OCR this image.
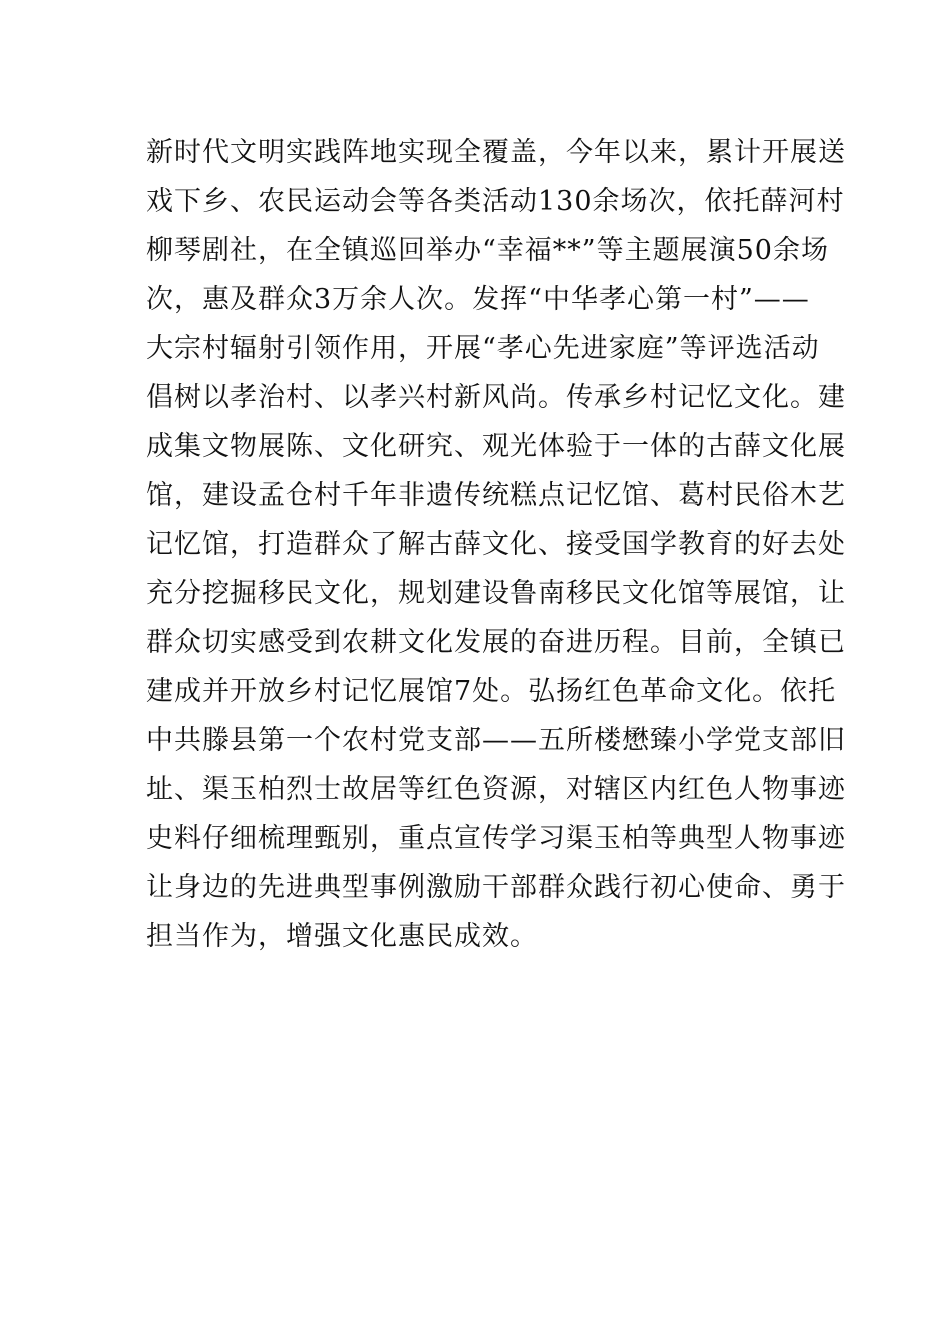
新时代文明实践阵地实现全覆盖，今年以来，累计开展送
戏下乡、农民运动会等各类活动130余场次，依托薛河村
柳琴剧社，在全镇巡回举办“幸福**”等主题展演50余场
次，惠及群众3万余人次。发挥“中华孝心第一村”——
大宗村辐射引领作用，开展“孝心先进家庭”等评选活动
倡树以孝治村、以孝兴村新风尚。传承乡村记忆文化。建
成集文物展陈、文化研究、观光体验于一体的古薛文化展
馆，建设孟仓村千年非遗传统糕点记忆馆、葛村民俗木艺
记忆馆，打造群众了解古薛文化、接受国学教育的好去处
充分挖掘移民文化，规划建设鲁南移民文化馆等展馆，让
群众切实感受到农耕文化发展的奋进历程。目前，全镇已
建成并开放乡村记忆展馆7处。弘扬红色革命文化。依托
中共滕县第一个农村党支部——五所楼懋臻小学党支部旧
址、渠玉柏烈士故居等红色资源，对辖区内红色人物事迹
史料仔细梳理甄别，重点宣传学习渠玉柏等典型人物事迹
让身边的先进典型事例激励干部群众践行初心使命、勇于
担当作为，增强文化惠民成效。
